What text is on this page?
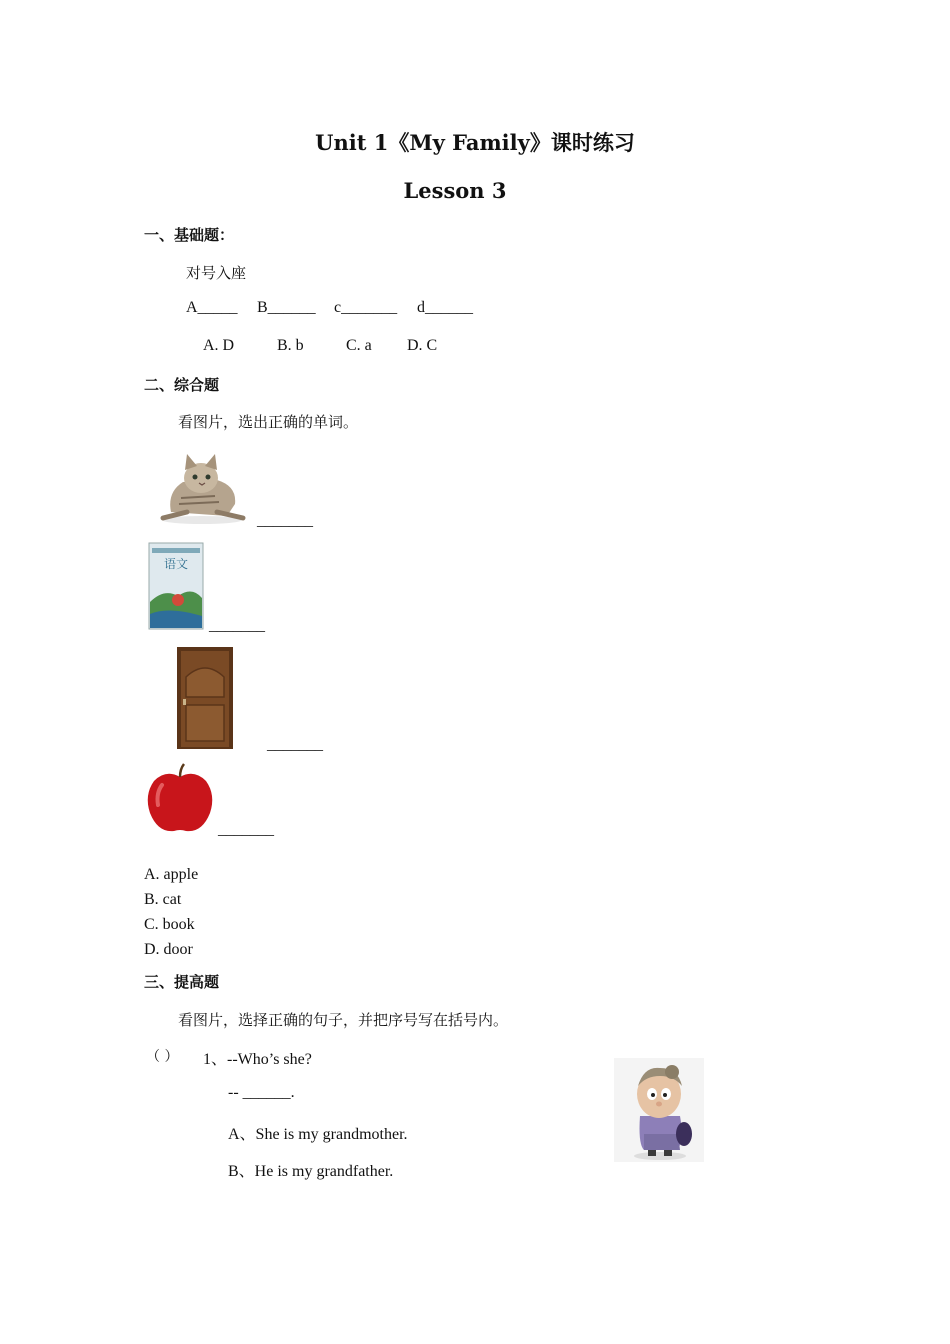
Unit 1《My Family》课时练习
Lesson 3
一、基础题：
对号入座
A_____ B______ c_______ d______
A. D	B. b	C. a D. C
二、综合题
看图片，选出正确的单词。
_______
语文
_______
_______
_______
A. apple
B. cat
C. book
D. door
三、提高题
看图片，选择正确的句子，并把序号写在括号内。
（ ） 1、--Who’s she?
-- ______.
A、She is my grandmother.
B、He is my grandfather.
